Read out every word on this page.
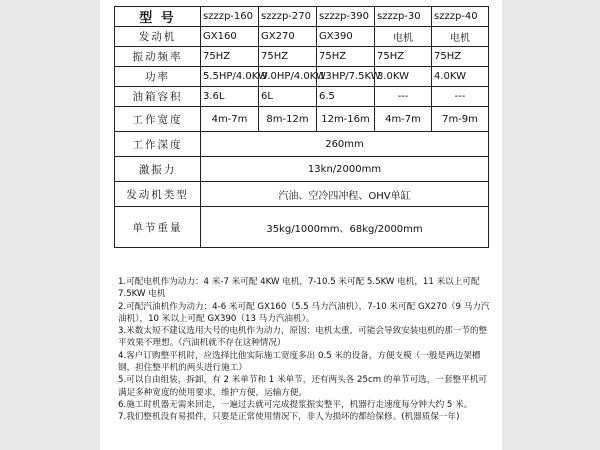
型 号	szzzp-160	szzzp-270	szzzp-390	szzzp-30	szzzp-40
发动机	GX160	GX270	GX390	电机	电机
振动频率	75HZ	75HZ	75HZ	75HZ	75HZ
功率	5.5HP/4.0KW	9.0HP/4.0KW	13HP/7.5KW	3.0KW	4.0KW
油箱容积	3.6L	6L	6.5	---	---
工作宽度	4m-7m	8m-12m	12m-16m	4m-7m	7m-9m
工作深度	260mm				
激振力	13kn/2000mm				
发动机类型	汽油、空冷四冲程、OHV单缸				
单节重量	35kg/1000mm、68kg/2000mm				

1.可配电机作为动力：4 米-7 米可配 4KW 电机，7-10.5 米可配 5.5KW 电机，11 米以上可配 7.5KW 电机

2.可配汽油机作为动力：4-6 米可配 GX160（5.5 马力汽油机），7-10 米可配 GX270（9 马力汽油机），10 米以上可配 GX390（13 马力汽油机）。

3.米数太短不建议选用大号的电机作为动力，原因：电机太重，可能会导致安装电机的那一节的整平效果不理想。（汽油机就不存在这种情况）

4.客户订购整平机时，应选择比他实际施工宽度多出 0.5 米的设备，方便支模（一般是两边架槽钢，担住整平机的两头进行施工）

5.可以自由组装，拆卸，有 2 米单节和 1 米单节，还有两头各 25cm 的单节可选，一套整平机可满足多种宽度的使用要求，维护方便，运输方便。

6.施工时机器无需来回走，一遍过去就可完成提浆振实整平，机器行走速度每分钟大约 5 米。

7.我们整机没有易损件，只要是正常使用情况下，非人为损坏的都给保修。(机器质保一年)
